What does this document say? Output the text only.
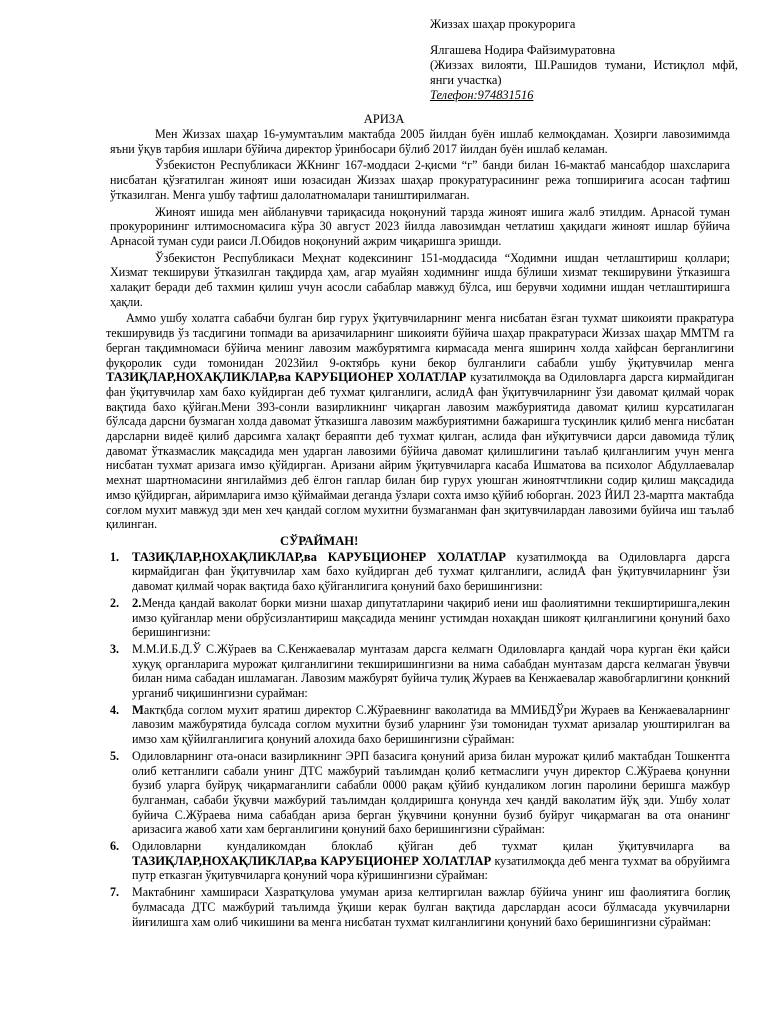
Жиззах шаҳар прокурорига
Ялгашева Нодира Файзимуратовна
(Жиззах вилояти, Ш.Рашидов тумани, Истиқлол мфй, янги участка)
Телефон:974831516
АРИЗА

Мен Жиззах шаҳар 16-умумтаълим мактабда 2005 йилдан буён ишлаб келмоқдаман. Ҳозирги лавозимимда яъни ўқув тарбия ишлари бўйича директор ўринбосари бўлиб 2017 йилдан буён ишлаб келаман.

Ўзбекистон Республикаси ЖКнинг 167-моддаси 2-қисми “г” банди билан 16-мактаб мансабдор шахсларига нисбатан қўзғатилган жиноят иши юзасидан Жиззах шаҳар прокуратурасининг режа топшириғига асосан тафтиш ўтказилган. Менга ушбу тафтиш далолатномалари таништирилмаган.

Жиноят ишида мен айбланувчи тариқасида ноқонуний тарзда жиноят ишига жалб этилдим. Арнасой туман прокурорининг илтимосномасига кўра 30 август 2023 йилда лавозимдан четлатиш ҳақидаги жиноят ишлар бўйича Арнасой туман суди раиси Л.Обидов ноқонуний ажрим чиқаришга эришди.

Ўзбекистон Республикаси Меҳнат кодексининг 151-моддасида “Ходимни ишдан четлаштириш қоллари; Хизмат текшируви ўтказилган тақдирда ҳам, агар муайян ходимнинг ишда бўлиши хизмат текширувини ўтказишга халақит беради деб тахмин қилиш учун асосли сабаблар мавжуд бўлса, иш берувчи ходимни ишдан четлаштиришга ҳақли.

Аммо ушбу холатга сабабчи булган бир гурух ўқитувчиларнинг менга нисбатан ёзган тухмат шикоияти пракратура текширувидв ўз тасдигини топмади ва аризачиларнинг шикоияти бўйича шаҳар пракратураси Жиззах шаҳар ММТМ га берган тақдимномаси бўйича менинг лавозим мажбурятимга кирмасада менга яширинч холда хайфсан берганлигини фуқоролик суди томонидан 2023йил 9-октябрь куни бекор булганлиги сабабли ушбу ўқитувчилар менга ТАЗИҚЛАР,НОХАҚЛИКЛАР,ва КАРУБЦИОНЕР ХОЛАТЛАР кузатилмоқда ва Одиловларга дарсга кирмайдиган фан ўқитувчилар хам бахо куйдирган деб тухмат қилганлиги, аслидА фан ўқитувчиларнинг ўзи давомат қилмай чорак вақтида бахо қўйган.Мени 393-сонли вазирликнинг чиқарган лавозим мажбуриятида давомат қилиш курсатилаган бўлсада дарсни бузмаган холда давомат ўтказишга лавозим мажбуриятимни бажаришга тусқинлик қилиб менга нисбатан дарсларни видеё қилиб дарсимга халақт бераяпти деб тухмат қилган, аслида фан иўқитувчиси дарси давомида тўлиқ давомат ўтказмаслик мақсадида мен ударган лавозими бўйича давомат қилишлигини таълаб қилганлигим учун менга нисбатан тухмат аризага имзо қўйдирган. Аризани айрим ўқитувчиларга касаба Ишматова ва психолог Абдуллаевалар мехнат шартномасини янгилаймиз деб ёлгон гаплар билан бир гурух уюшган жиноятчтликни содир қилиш мақсадида имзо қўйдирган, айримларига имзо қўймаймаи деганда ўзлари сохта имзо қўйиб юборган. 2023 ЙИЛ 23-мартга мактабда соғлом мухит мавжуд эди мен хеч қандай соглом мухитни бузмаганман фан зқитувчилардан лавозими буйича иш таълаб қилинган.

СЎРАЙМАН!
1. ТАЗИҚЛАР,НОХАҚЛИКЛАР,ва КАРУБЦИОНЕР ХОЛАТЛАР кузатилмоқда ва Одиловларга дарсга кирмайдиган фан ўқитувчилар хам бахо куйдирган деб тухмат қилганлиги, аслидА фан ўқитувчиларнинг ўзи давомат қилмай чорак вақтида бахо қўйганлигига қонуний бахо беришингизни:
2. 2.Менда қандай ваколат борки мизни шахар дипутатларини чақириб иени иш фаолиятимни текширтиришга,лекин имзо қуйганлар мени обрўсизлантириш мақсадида менинг устимдан нохақдан шикоят қилганлигини қонуний бахо беришингизни:
3. М.М.И.Б.Д.Ў С.Жўраев ва С.Кенжаевалар мунтазам дарсга келмагн Одиловларга қандай чора курган ёки қайси хуқуқ органларига мурожат қилганлигини текширишингизни ва нима сабабдан мунтазам дарсга келмаган ўвувчи билан нима сабадан ишламаган. Лавозим мажбурят буйича тулиқ Жураев ва Кенжаевалар жавобгарлигини қонкний урганиб чиқишингизни сурайман:
4. Мактқбда соглом мухит яратиш директор С.Жўраевнинг ваколатида ва ММИБДЎри Жураев ва Кенжаеваларнинг лавозим мажбурятида булсада соглом мухитни бузиб уларнинг ўзи томонидан тухмат аризалар уюштирилган ва имзо хам қўйилганлигига қонуний алохида бахо беришингизни сўрайман:
5. Одиловларнинг ота-онаси вазирликнинг ЭРП базасига қонуний ариза билан мурожат қилиб мактабдан Тошкентга олиб кетганлиги сабали унинг ДТС мажбурий таълимдан қолиб кетмаслиги учун директор С.Жўраева қонунни бузиб уларга буйруқ чиқармаганлиги сабабли 0000 рақам қўйиб кундаликом логин паролини беришга мажбур булганман, сабаби ўқувчи мажбурий таълимдан қолдиришга қонунда хеч қандй ваколатим йўқ эди. Ушбу холат буйича С.Жўраева нима сабабдан ариза берган ўқувчини қонунни бузиб буйруг чиқармаган ва ота онанинг аризасига жавоб хати хам берганлигини қонуний бахо беришингизни сўрайман:
6. Одиловларни кундаликомдан блоклаб қўйган деб тухмат қилан ўқитувчиларга ва ТАЗИҚЛАР,НОХАҚЛИКЛАР,ва КАРУБЦИОНЕР ХОЛАТЛАР кузатилмоқда деб менга тухмат ва обруйимга путр етказган ўқитувчиларга қонуний чора кўришингизни сўрайман:
7. Мактабнинг хамшираси Хазратқулова умуман ариза келтиргилан важлар бўйича унинг иш фаолиятига боглиқ булмасада ДТС мажбурий таълимда ўқиши керак булган вақтида дарслардан асоси бўлмасада укувчиларни йиғилишга хам олиб чикишини ва менга нисбатан тухмат килганлигини қонуний бахо беришингизни сўрайман:
